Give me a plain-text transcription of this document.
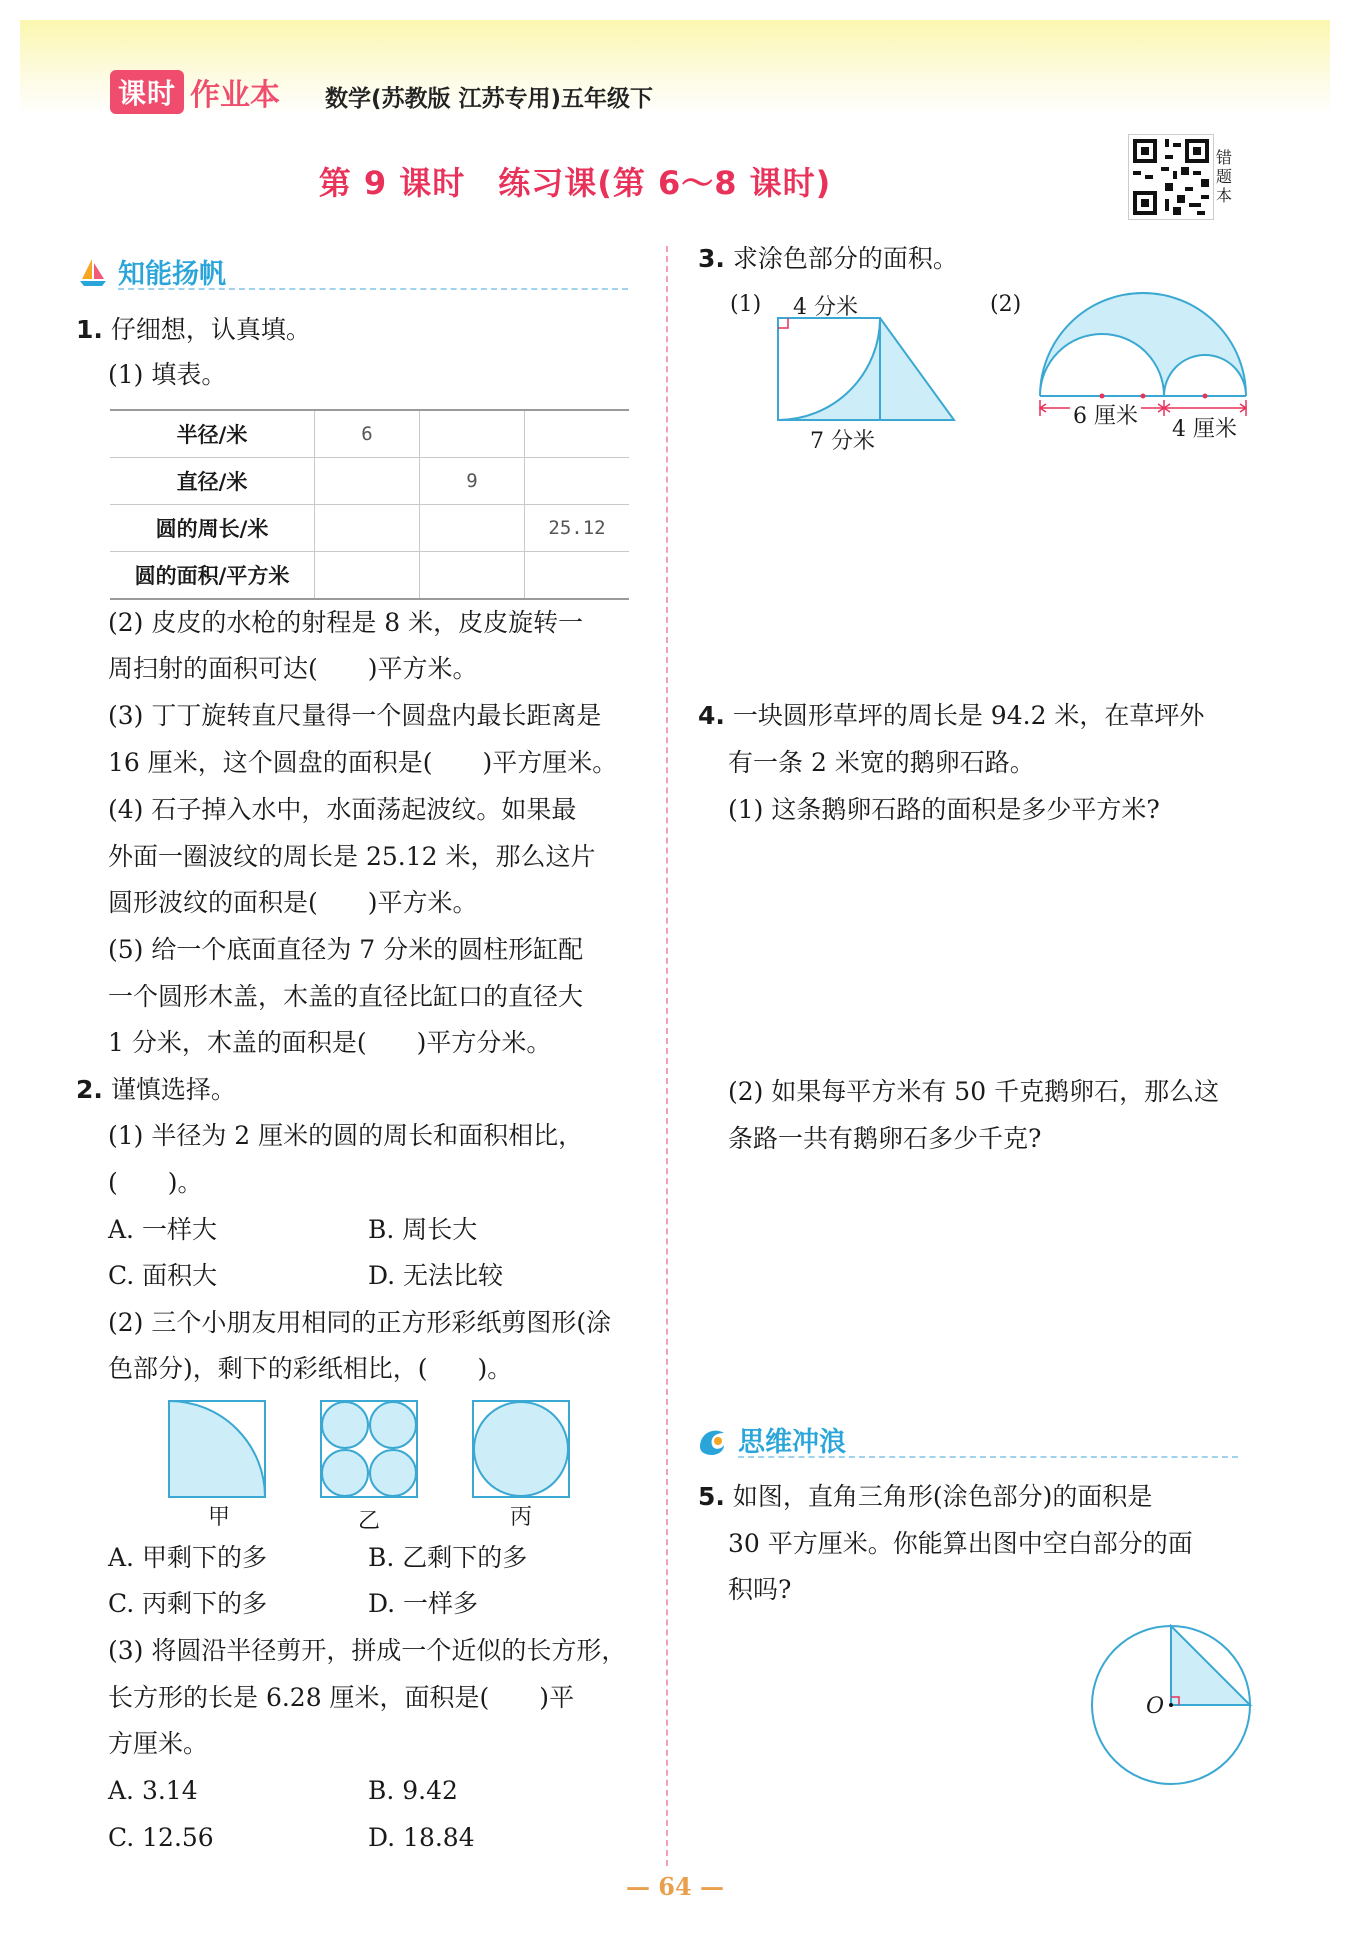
课时 作业本 数学(苏教版 江苏专用)五年级下
第 9 课时　练习课(第 6～8 课时)
错题本
知能扬帆
1. 仔细想，认真填。
(1) 填表。
半径/米	6		
直径/米		9	
圆的周长/米			25.12
圆的面积/平方米			
(2) 皮皮的水枪的射程是 8 米，皮皮旋转一
周扫射的面积可达(　　)平方米。
(3) 丁丁旋转直尺量得一个圆盘内最长距离是
16 厘米，这个圆盘的面积是(　　)平方厘米。
(4) 石子掉入水中，水面荡起波纹。如果最
外面一圈波纹的周长是 25.12 米，那么这片
圆形波纹的面积是(　　)平方米。
(5) 给一个底面直径为 7 分米的圆柱形缸配
一个圆形木盖，木盖的直径比缸口的直径大
1 分米，木盖的面积是(　　)平方分米。
2. 谨慎选择。
(1) 半径为 2 厘米的圆的周长和面积相比，
(　　)。
A. 一样大	B. 周长大
C. 面积大	D. 无法比较
(2) 三个小朋友用相同的正方形彩纸剪图形(涂
色部分)，剩下的彩纸相比，(　　)。
甲	乙	丙
A. 甲剩下的多	B. 乙剩下的多
C. 丙剩下的多	D. 一样多
(3) 将圆沿半径剪开，拼成一个近似的长方形，
长方形的长是 6.28 厘米，面积是(　　)平
方厘米。
A. 3.14	B. 9.42
C. 12.56	D. 18.84
3. 求涂色部分的面积。
(1) 4 分米
7 分米
(2)
6 厘米
4 厘米
4. 一块圆形草坪的周长是 94.2 米，在草坪外
有一条 2 米宽的鹅卵石路。
(1) 这条鹅卵石路的面积是多少平方米?
(2) 如果每平方米有 50 千克鹅卵石，那么这
条路一共有鹅卵石多少千克?
思维冲浪
5. 如图，直角三角形(涂色部分)的面积是
30 平方厘米。你能算出图中空白部分的面
积吗?
O
— 64 —
